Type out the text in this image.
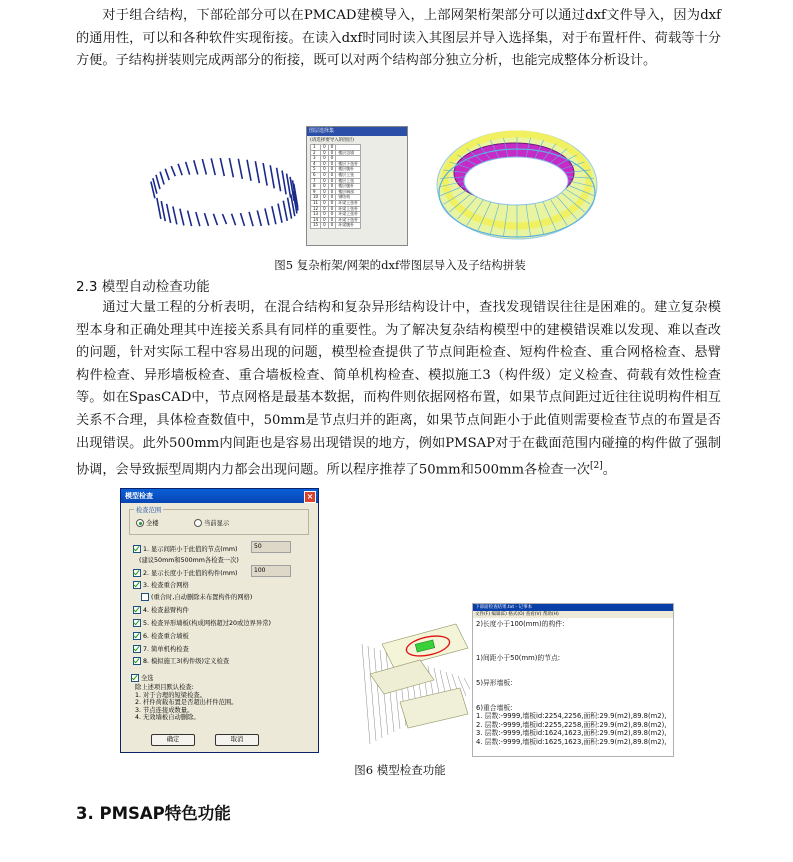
对于组合结构，下部砼部分可以在PMCAD建模导入，上部网架桁架部分可以通过dxf文件导入，因为dxf的通用性，可以和各种软件实现衔接。在读入dxf时同时读入其图层并导入选择集，对于布置杆件、荷载等十分方便。子结构拼装则完成两部分的衔接，既可以对两个结构部分独立分析，也能完成整体分析设计。

图层选择集
(请选择要导入的图层)
1	0	0	
2	0	0	楼层边墙
3	0	0	
4	0	0	楼层下弦杆
5	0	0	楼层腹杆
6	0	0	楼层上弦
7	0	0	楼层上弦
8	0	0	楼层腹杆
9	0	0	楼层端部
10	0	0	钢结构
11	0	0	环梁上弦杆
12	0	0	环梁上弦杆
13	0	0	环梁上弦杆
14	0	0	环梁下弦杆
15	0	0	环梁腹杆
图5 复杂桁架/网架的dxf带图层导入及子结构拼装
2.3 模型自动检查功能

通过大量工程的分析表明，在混合结构和复杂异形结构设计中，查找发现错误往往是困难的。建立复杂模型本身和正确处理其中连接关系具有同样的重要性。为了解决复杂结构模型中的建模错误难以发现、难以查改的问题，针对实际工程中容易出现的问题，模型检查提供了节点间距检查、短构件检查、重合网格检查、悬臂构件检查、异形墙板检查、重合墙板检查、简单机构检查、模拟施工3（构件级）定义检查、荷载有效性检查等。如在SpasCAD中，节点网格是最基本数据，而构件则依据网格布置，如果节点间距过近往往说明构件相互关系不合理，具体检查数值中，50mm是节点归并的距离，如果节点间距小于此值则需要检查节点的布置是否出现错误。此外500mm内间距也是容易出现错误的地方，例如PMSAP对于在截面范围内碰撞的构件做了强制协调，会导致振型周期内力都会出现问题。所以程序推荐了50mm和500mm各检查一次[2]。

模型检查	×
检查范围
全楼	当前显示
1. 显示间距小于此值的节点(mm)	50
(建议50mm和500mm各检查一次)
2. 显示长度小于此值的构件(mm)	100
3. 检查重合网格
(重合时,自动删除未布置构件的网格)
4. 检查悬臂构件
5. 检查异形墙板(构成网格超过20或边界异常)
6. 检查重合墙板
7. 简单机构检查
8. 模拟施工3(构件级)定义检查
全选
除上述项目默认检查:
1. 对于合理的短梁检查。
2. 杆件荷载布置是否超出杆件范围。
3. 节点连接成数量。
4. 无效墙板自动删除。
确定	取消
下部面检查结果.txt - 记事本
文件(F) 编辑(E) 格式(O) 查看(V) 帮助(H)
2)长度小于100(mm)的构件:

1)间距小于50(mm)的节点:

5)异形墙板:

6)重合墙板:
1. 层数:-9999,墙板id:2254,2256,面积:29.9(m2),89.8(m2),
2. 层数:-9999,墙板id:2255,2258,面积:29.9(m2),89.8(m2),
3. 层数:-9999,墙板id:1624,1623,面积:29.9(m2),89.8(m2),
4. 层数:-9999,墙板id:1625,1623,面积:29.9(m2),89.8(m2),
图6 模型检查功能
3. PMSAP特色功能
